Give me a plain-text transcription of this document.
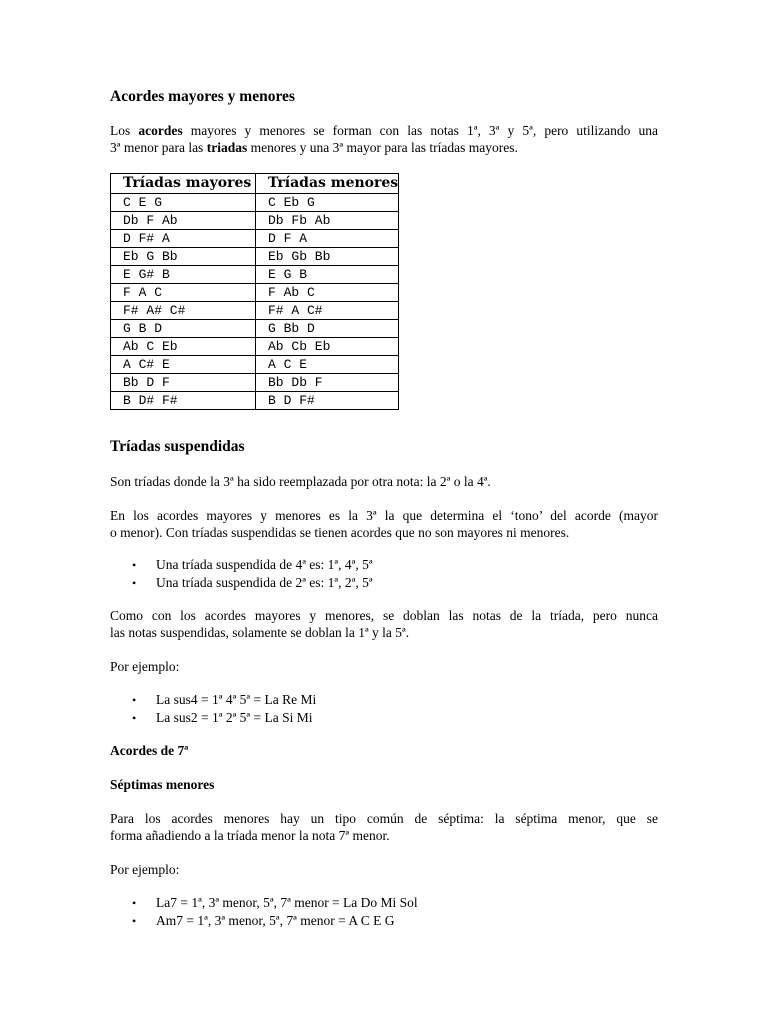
Acordes mayores y menores

Los acordes mayores y menores se forman con las notas 1ª, 3ª y 5ª, pero utilizando una
3ª menor para las triadas menores y una 3ª mayor para las tríadas mayores.

Tríadas mayores	Tríadas menores
C E G	C Eb G
Db F Ab	Db Fb Ab
D F# A	D F A
Eb G Bb	Eb Gb Bb
E G# B	E G B
F A C	F Ab C
F# A# C#	F# A C#
G B D	G Bb D
Ab C Eb	Ab Cb Eb
A C# E	A C E
Bb D F	Bb Db F
B D# F#	B D F#
Tríadas suspendidas

Son tríadas donde la 3ª ha sido reemplazada por otra nota: la 2ª o la 4ª.

En los acordes mayores y menores es la 3ª la que determina el ‘tono’ del acorde (mayor
o menor). Con tríadas suspendidas se tienen acordes que no son mayores ni menores.

• Una tríada suspendida de 4ª es: 1ª, 4ª, 5ª
• Una tríada suspendida de 2ª es: 1ª, 2ª, 5ª

Como con los acordes mayores y menores, se doblan las notas de la tríada, pero nunca
las notas suspendidas, solamente se doblan la 1ª y la 5ª.

Por ejemplo:

• La sus4 = 1ª 4ª 5ª = La Re Mi
• La sus2 = 1ª 2ª 5ª = La Si Mi
Acordes de 7ª
Séptimas menores

Para los acordes menores hay un tipo común de séptima: la séptima menor, que se
forma añadiendo a la tríada menor la nota 7ª menor.

Por ejemplo:

• La7 = 1ª, 3ª menor, 5ª, 7ª menor = La Do Mi Sol
• Am7 = 1ª, 3ª menor, 5ª, 7ª menor = A C E G
